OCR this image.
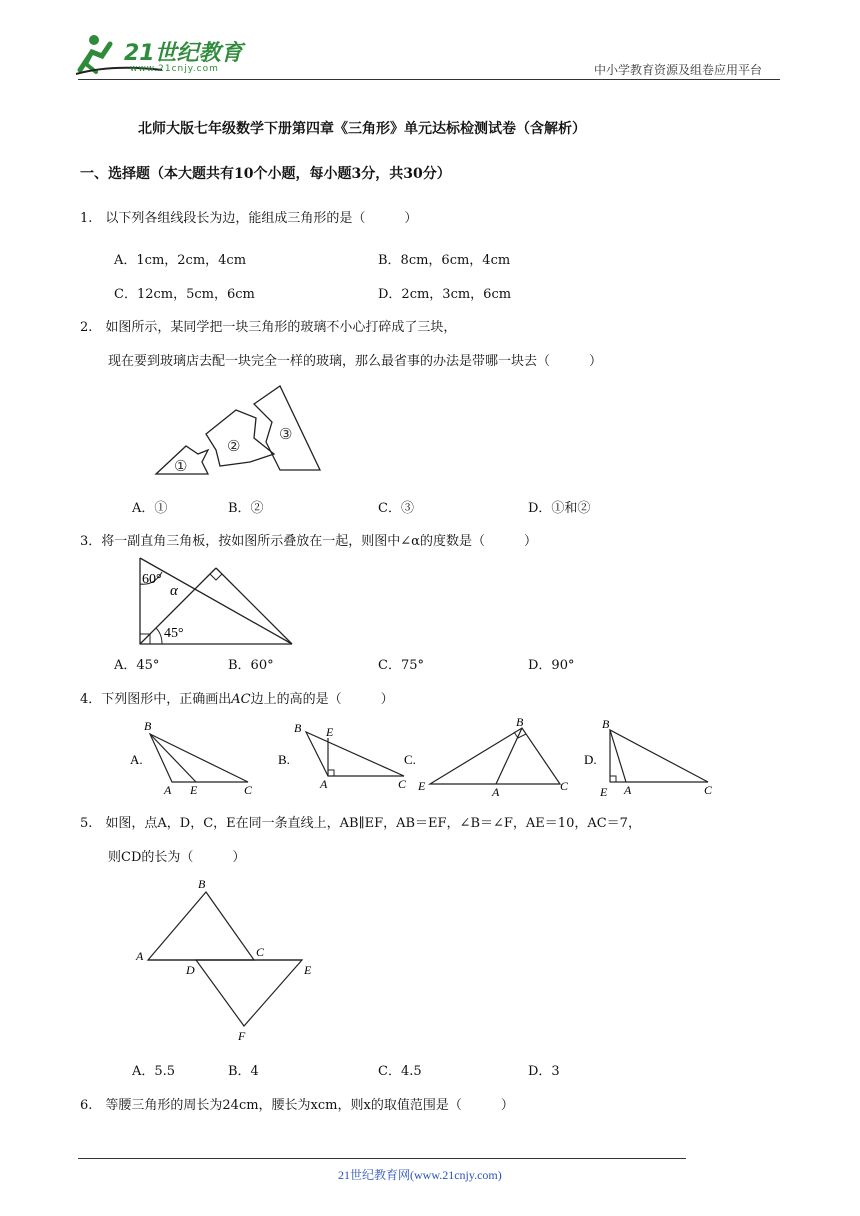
21世纪教育
www.21cnjy.com	中小学教育资源及组卷应用平台
北师大版七年级数学下册第四章《三角形》单元达标检测试卷（含解析）
一、选择题（本大题共有10个小题，每小题3分，共30分）
1.　以下列各组线段长为边，能组成三角形的是（　　　）
A．1cm，2cm，4cm	B．8cm，6cm，4cm
C．12cm，5cm，6cm	D．2cm，3cm，6cm
2.　如图所示，某同学把一块三角形的玻璃不小心打碎成了三块，
现在要到玻璃店去配一块完全一样的玻璃，那么最省事的办法是带哪一块去（　　　）
①
②
③
A．①	B．②	C．③	D．①和②
3．将一副直角三角板，按如图所示叠放在一起，则图中∠α的度数是（　　　）
60°
45°
α
A．45°	B．60°	C．75°	D．90°
4．下列图形中，正确画出AC边上的高的是（　　　）
A.
B
A E	C
B.
B E
A	C
C.
B
E	A	C
D.
B
E A	C
5.　如图，点A，D，C，E在同一条直线上，AB∥EF，AB＝EF，∠B＝∠F，AE＝10，AC＝7，
则CD的长为（　　　）
A
B
C
D	E
F
A．5.5	B．4	C．4.5	D．3
6.　等腰三角形的周长为24cm，腰长为xcm，则x的取值范围是（　　　）
21世纪教育网(www.21cnjy.com)
